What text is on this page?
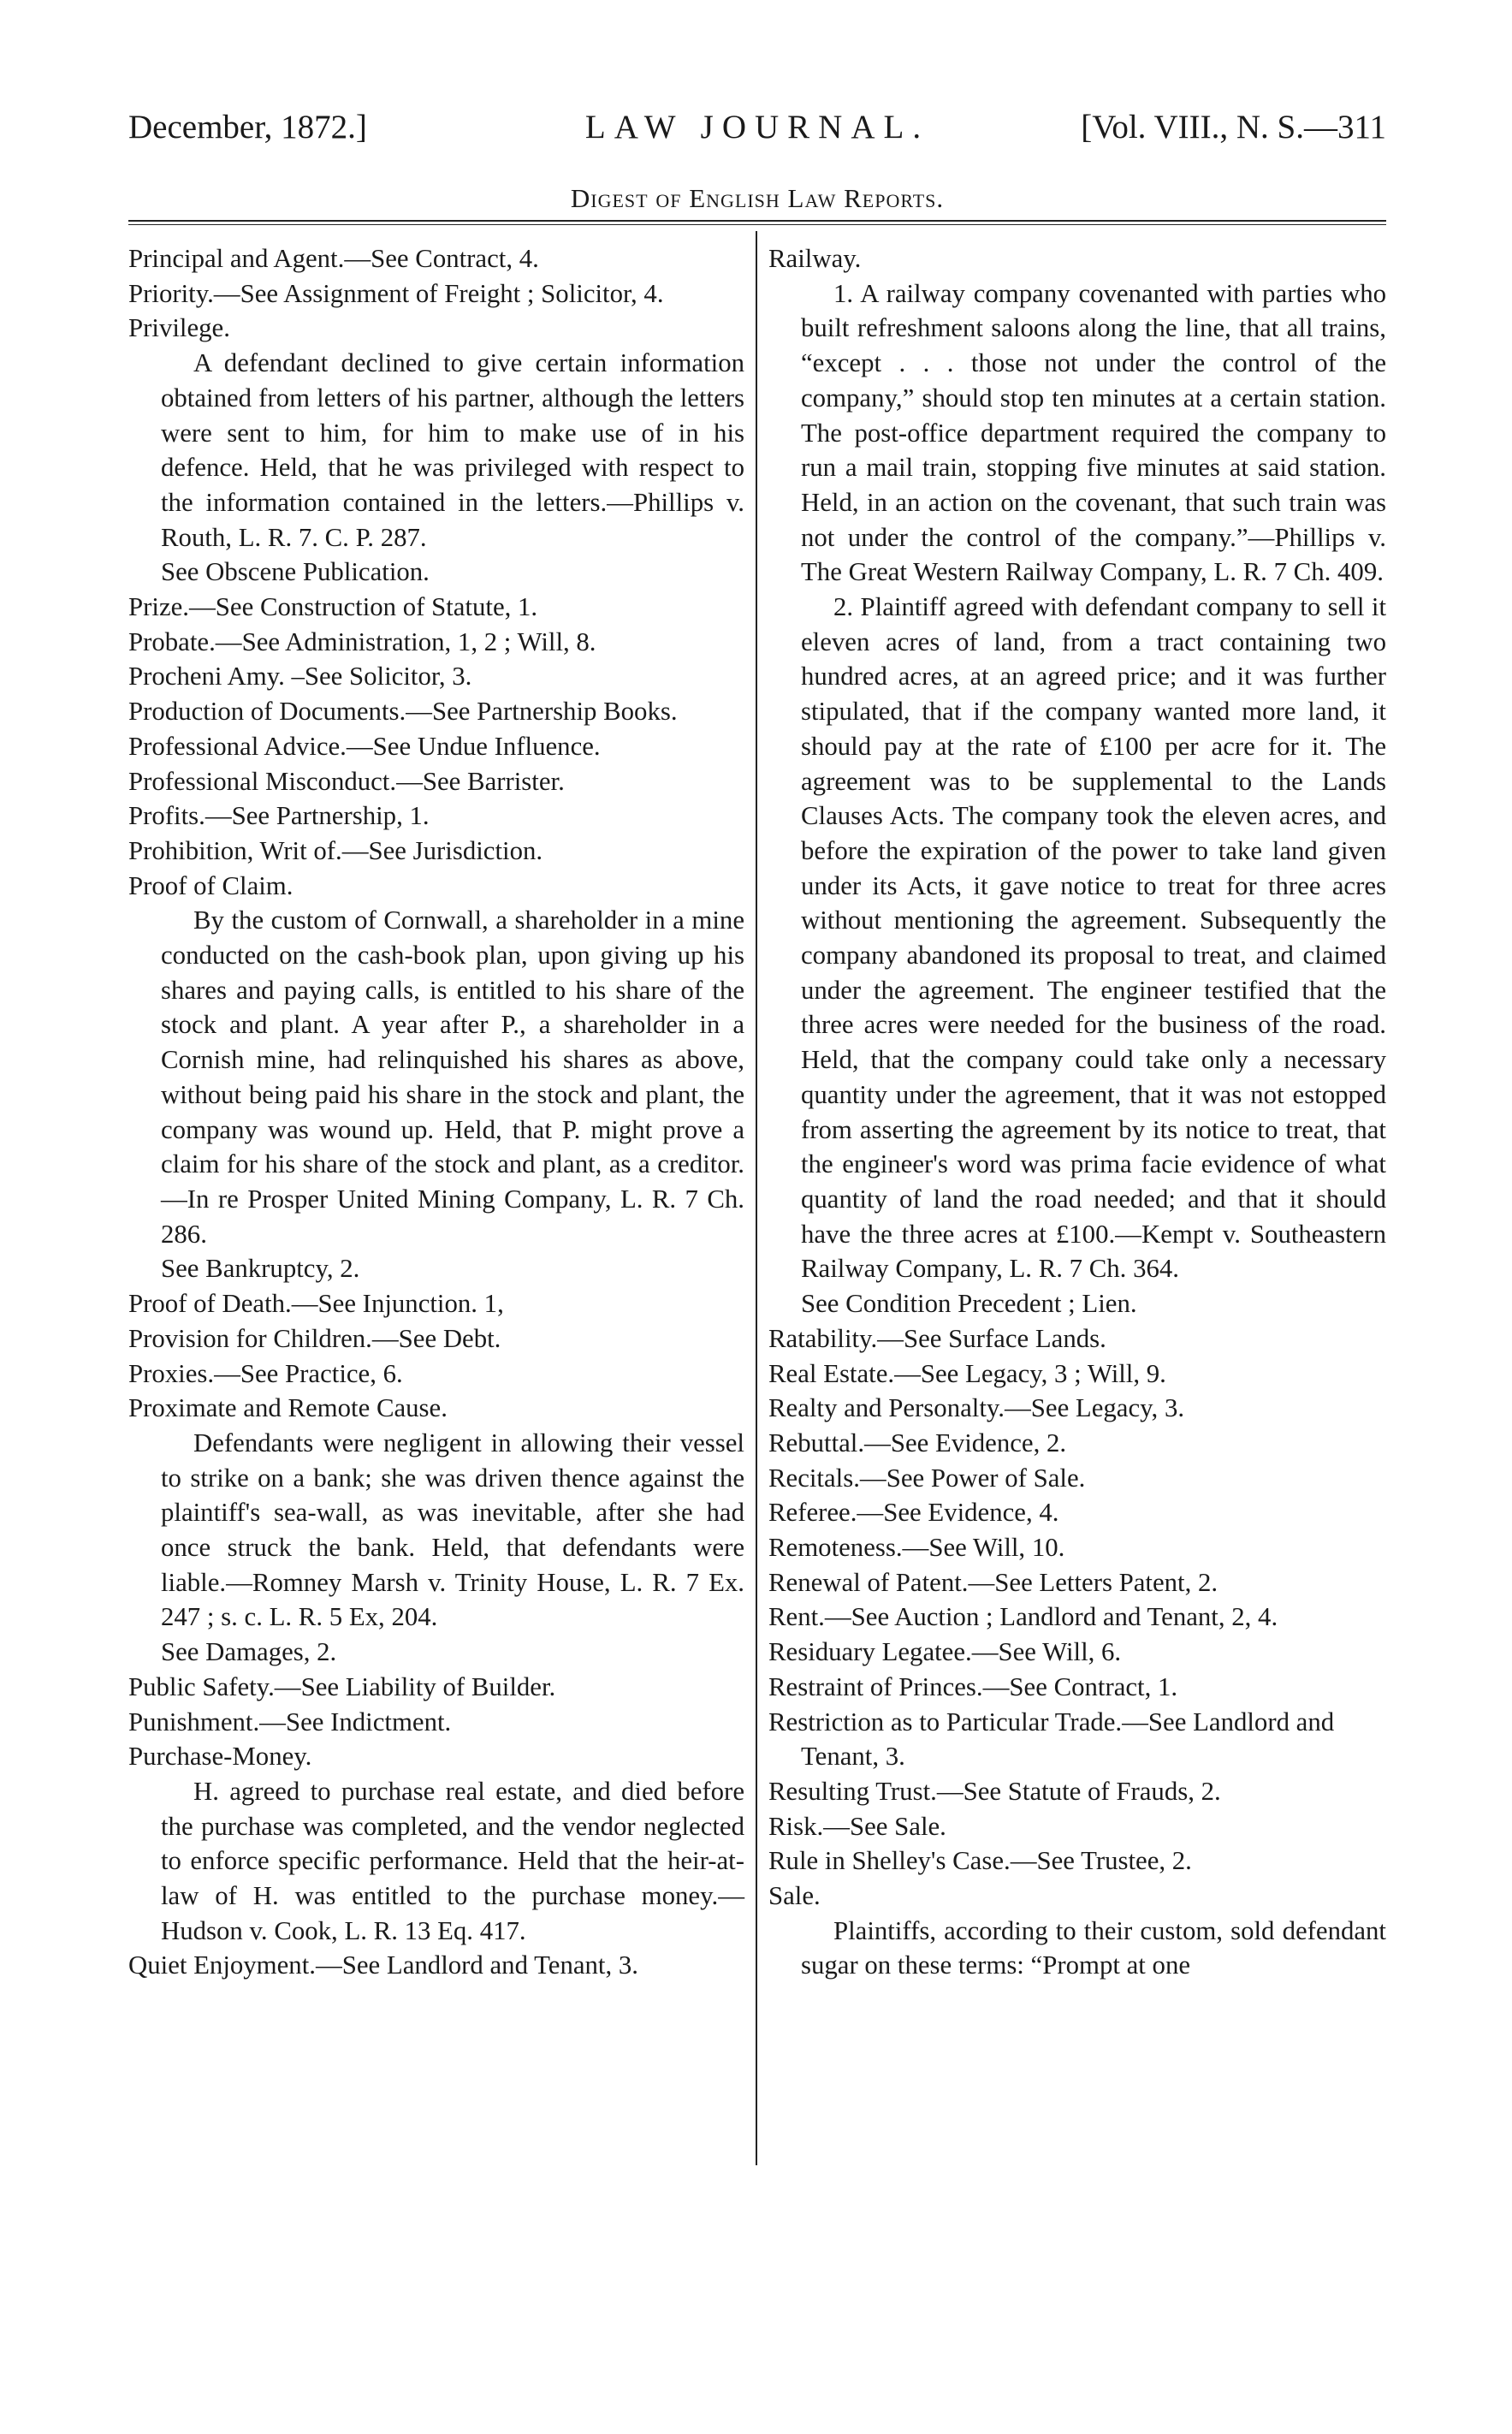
December, 1872.]	LAW JOURNAL.	[Vol. VIII., N. S.—311
Digest of English Law Reports.
Principal and Agent.—See Contract, 4.
Priority.—See Assignment of Freight ; Solicitor, 4.
Privilege.
A defendant declined to give certain information obtained from letters of his partner, although the letters were sent to him, for him to make use of in his defence. Held, that he was privileged with respect to the information contained in the letters.—Phillips v. Routh, L. R. 7. C. P. 287.
See Obscene Publication.
Prize.—See Construction of Statute, 1.
Probate.—See Administration, 1, 2 ; Will, 8.
Procheni Amy. –See Solicitor, 3.
Production of Documents.—See Partnership Books.
Professional Advice.—See Undue Influence.
Professional Misconduct.—See Barrister.
Profits.—See Partnership, 1.
Prohibition, Writ of.—See Jurisdiction.
Proof of Claim.
By the custom of Cornwall, a shareholder in a mine conducted on the cash-book plan, upon giving up his shares and paying calls, is entitled to his share of the stock and plant. A year after P., a shareholder in a Cornish mine, had relinquished his shares as above, without being paid his share in the stock and plant, the company was wound up. Held, that P. might prove a claim for his share of the stock and plant, as a creditor.—In re Prosper United Mining Company, L. R. 7 Ch. 286.
See Bankruptcy, 2.
Proof of Death.—See Injunction. 1,
Provision for Children.—See Debt.
Proxies.—See Practice, 6.
Proximate and Remote Cause.
Defendants were negligent in allowing their vessel to strike on a bank; she was driven thence against the plaintiff's sea-wall, as was inevitable, after she had once struck the bank. Held, that defendants were liable.—Romney Marsh v. Trinity House, L. R. 7 Ex. 247 ; s. c. L. R. 5 Ex, 204.
See Damages, 2.
Public Safety.—See Liability of Builder.
Punishment.—See Indictment.
Purchase-Money.
H. agreed to purchase real estate, and died before the purchase was completed, and the vendor neglected to enforce specific performance. Held that the heir-at-law of H. was entitled to the purchase money.—Hudson v. Cook, L. R. 13 Eq. 417.
Quiet Enjoyment.—See Landlord and Tenant, 3.
Railway.
1. A railway company covenanted with parties who built refreshment saloons along the line, that all trains, “except . . . those not under the control of the company,” should stop ten minutes at a certain station. The post-office department required the company to run a mail train, stopping five minutes at said station. Held, in an action on the covenant, that such train was not under the control of the company.”—Phillips v. The Great Western Railway Company, L. R. 7 Ch. 409.
2. Plaintiff agreed with defendant company to sell it eleven acres of land, from a tract containing two hundred acres, at an agreed price; and it was further stipulated, that if the company wanted more land, it should pay at the rate of £100 per acre for it. The agreement was to be supplemental to the Lands Clauses Acts. The company took the eleven acres, and before the expiration of the power to take land given under its Acts, it gave notice to treat for three acres without mentioning the agreement. Subsequently the company abandoned its proposal to treat, and claimed under the agreement. The engineer testified that the three acres were needed for the business of the road. Held, that the company could take only a necessary quantity under the agreement, that it was not estopped from asserting the agreement by its notice to treat, that the engineer's word was prima facie evidence of what quantity of land the road needed; and that it should have the three acres at £100.—Kempt v. Southeastern Railway Company, L. R. 7 Ch. 364.
See Condition Precedent ; Lien.
Ratability.—See Surface Lands.
Real Estate.—See Legacy, 3 ; Will, 9.
Realty and Personalty.—See Legacy, 3.
Rebuttal.—See Evidence, 2.
Recitals.—See Power of Sale.
Referee.—See Evidence, 4.
Remoteness.—See Will, 10.
Renewal of Patent.—See Letters Patent, 2.
Rent.—See Auction ; Landlord and Tenant, 2, 4.
Residuary Legatee.—See Will, 6.
Restraint of Princes.—See Contract, 1.
Restriction as to Particular Trade.—See Landlord and Tenant, 3.
Resulting Trust.—See Statute of Frauds, 2.
Risk.—See Sale.
Rule in Shelley's Case.—See Trustee, 2.
Sale.
Plaintiffs, according to their custom, sold defendant sugar on these terms: “Prompt at one
